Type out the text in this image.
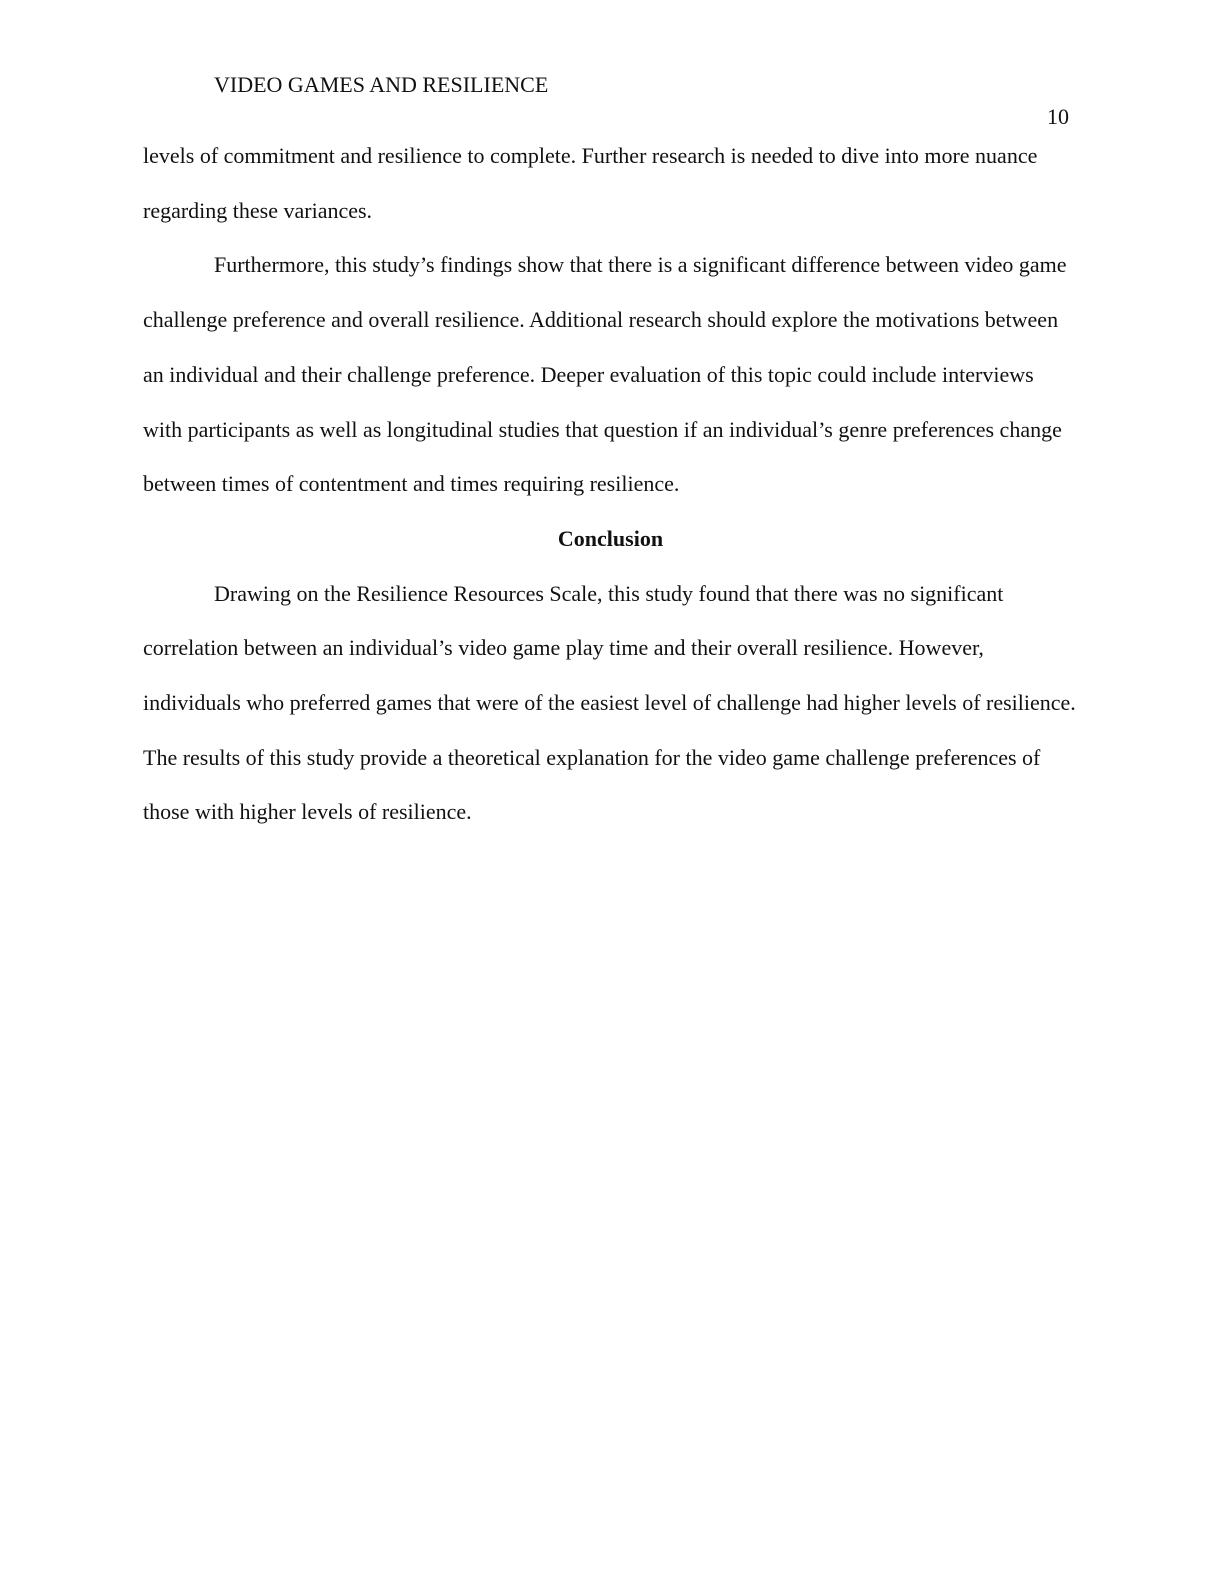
VIDEO GAMES AND RESILIENCE
10

levels of commitment and resilience to complete. Further research is needed to dive into more nuance regarding these variances.

Furthermore, this study’s findings show that there is a significant difference between video game challenge preference and overall resilience. Additional research should explore the motivations between an individual and their challenge preference. Deeper evaluation of this topic could include interviews with participants as well as longitudinal studies that question if an individual’s genre preferences change between times of contentment and times requiring resilience.

Conclusion

Drawing on the Resilience Resources Scale, this study found that there was no significant correlation between an individual’s video game play time and their overall resilience. However, individuals who preferred games that were of the easiest level of challenge had higher levels of resilience. The results of this study provide a theoretical explanation for the video game challenge preferences of those with higher levels of resilience.
